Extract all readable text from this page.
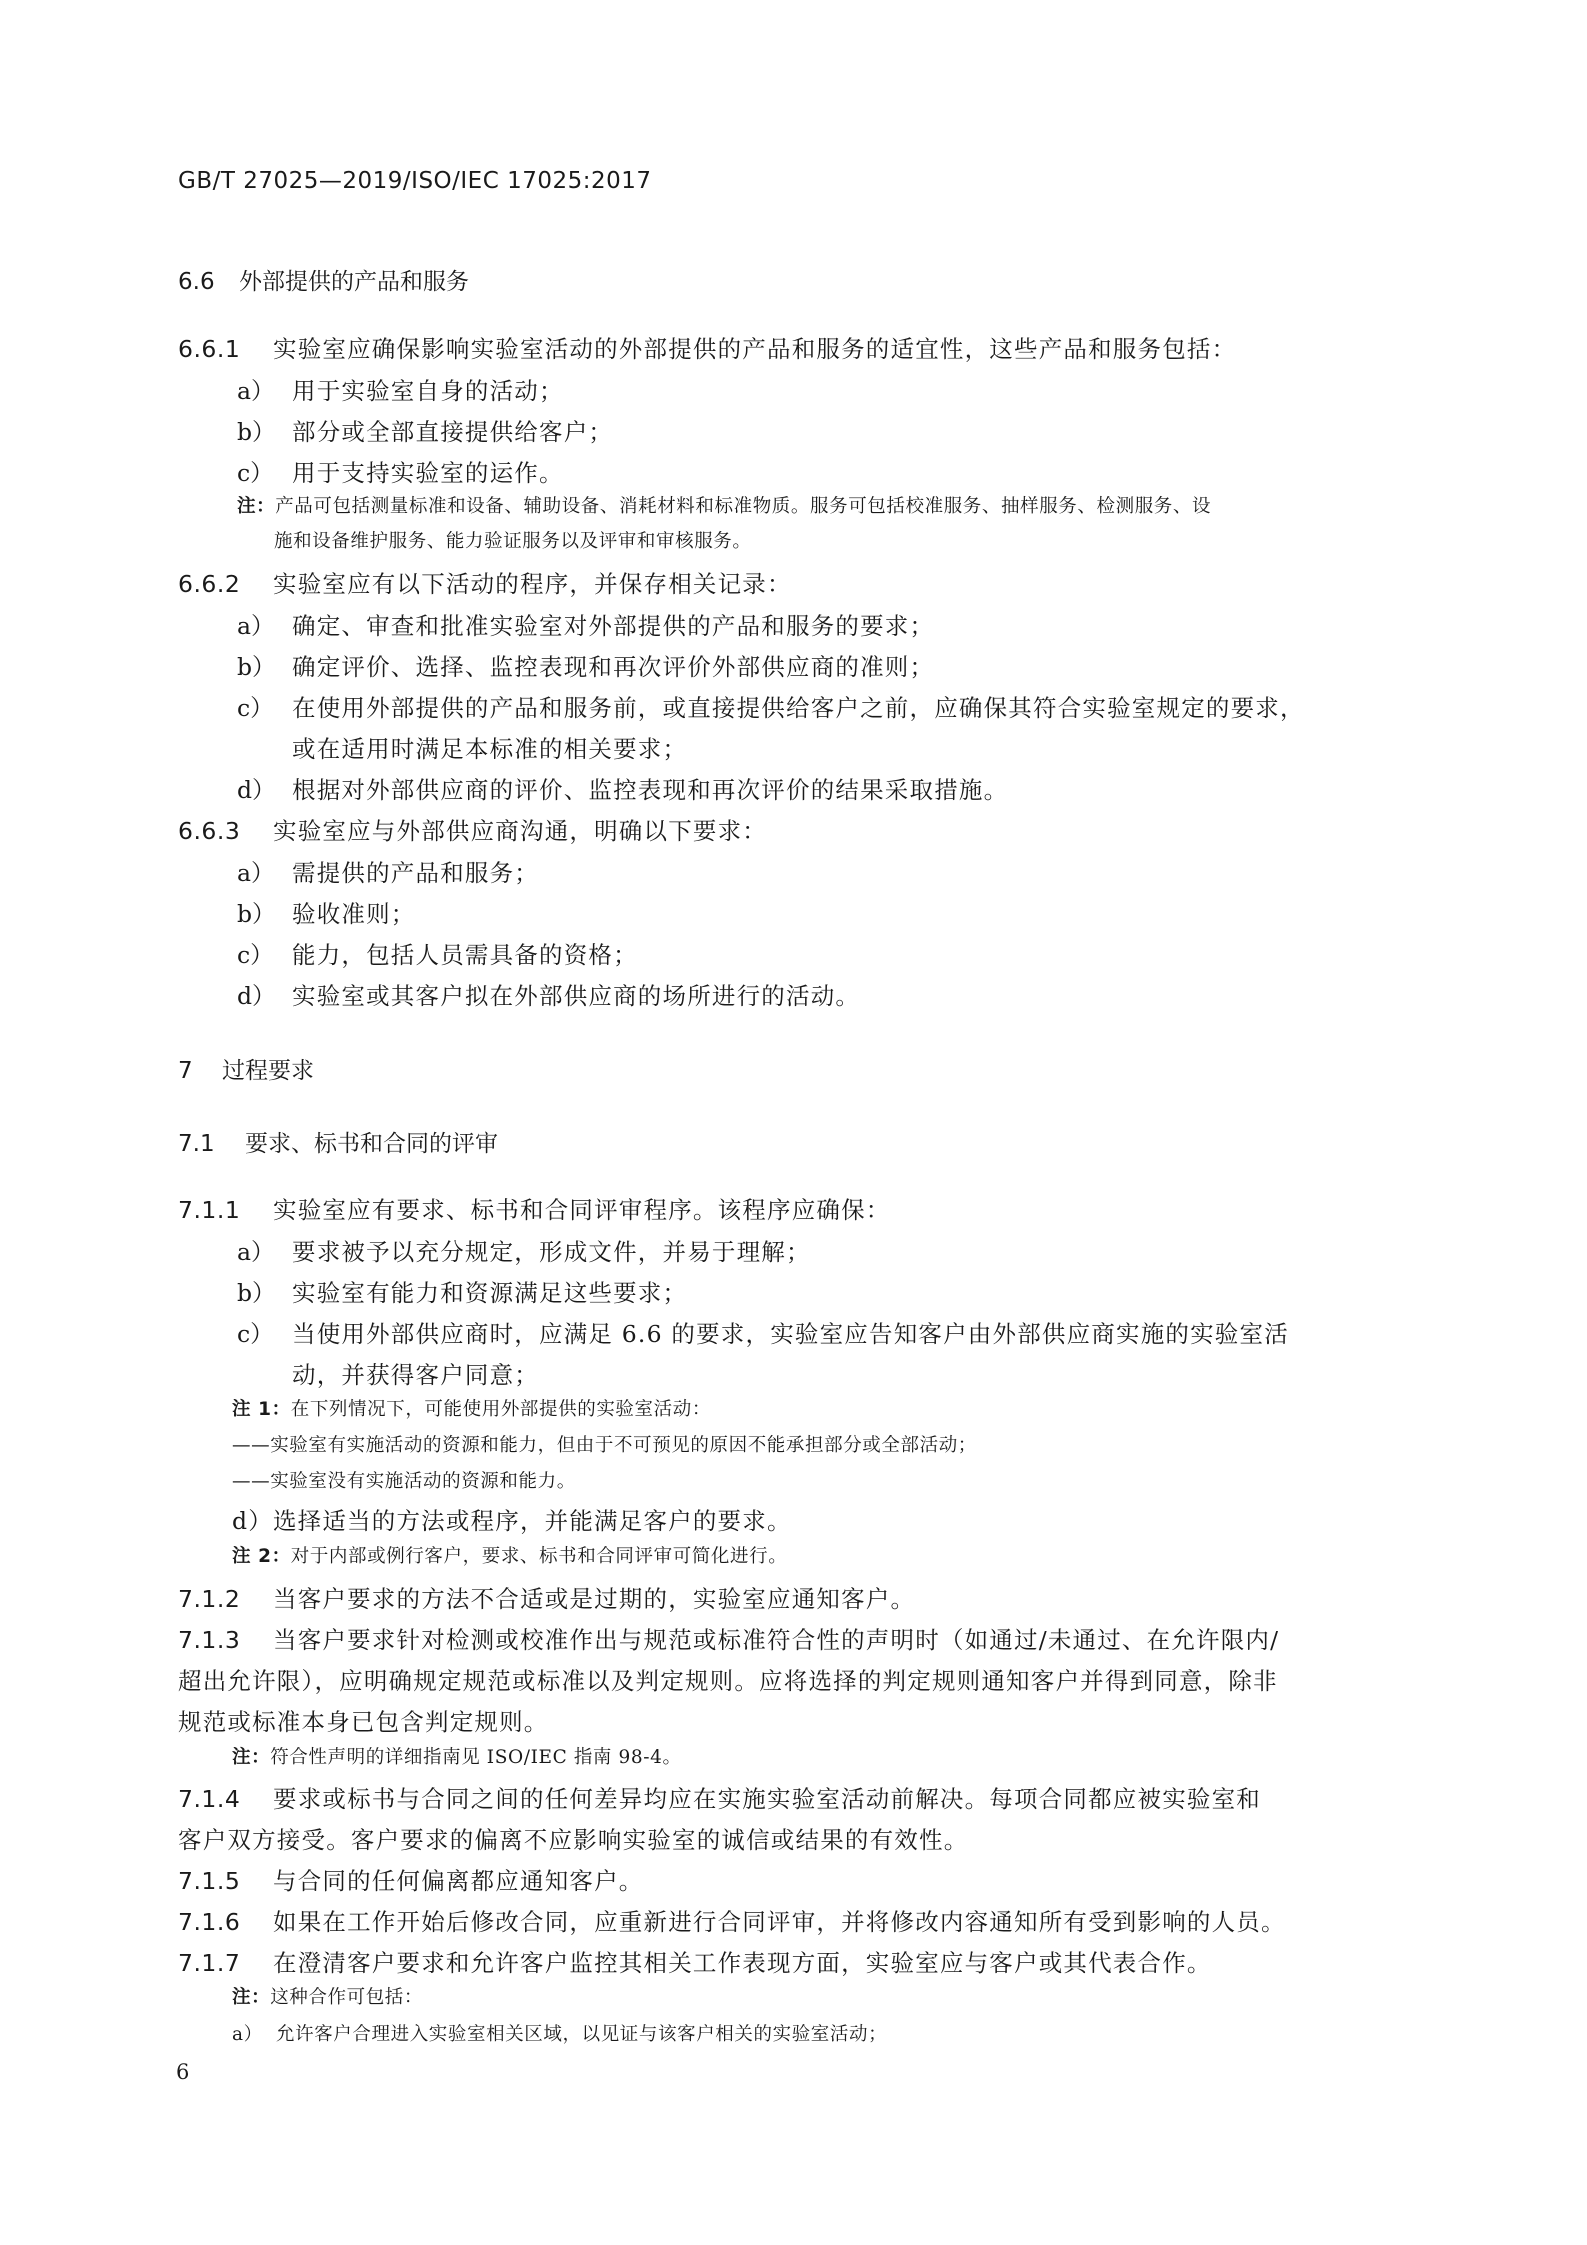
GB/T 27025—2019/ISO/IEC 17025:2017
6.6 外部提供的产品和服务
6.6.1 实验室应确保影响实验室活动的外部提供的产品和服务的适宜性，这些产品和服务包括：
a） 用于实验室自身的活动；
b） 部分或全部直接提供给客户；
c） 用于支持实验室的运作。
注：产品可包括测量标准和设备、辅助设备、消耗材料和标准物质。服务可包括校准服务、抽样服务、检测服务、设
施和设备维护服务、能力验证服务以及评审和审核服务。
6.6.2 实验室应有以下活动的程序，并保存相关记录：
a） 确定、审查和批准实验室对外部提供的产品和服务的要求；
b） 确定评价、选择、监控表现和再次评价外部供应商的准则；
c） 在使用外部提供的产品和服务前，或直接提供给客户之前，应确保其符合实验室规定的要求，
或在适用时满足本标准的相关要求；
d） 根据对外部供应商的评价、监控表现和再次评价的结果采取措施。
6.6.3 实验室应与外部供应商沟通，明确以下要求：
a） 需提供的产品和服务；
b） 验收准则；
c） 能力，包括人员需具备的资格；
d） 实验室或其客户拟在外部供应商的场所进行的活动。
7 过程要求
7.1 要求、标书和合同的评审
7.1.1 实验室应有要求、标书和合同评审程序。该程序应确保：
a） 要求被予以充分规定，形成文件，并易于理解；
b） 实验室有能力和资源满足这些要求；
c） 当使用外部供应商时，应满足 6.6 的要求，实验室应告知客户由外部供应商实施的实验室活
动，并获得客户同意；
注 1：在下列情况下，可能使用外部提供的实验室活动：
——实验室有实施活动的资源和能力，但由于不可预见的原因不能承担部分或全部活动；
——实验室没有实施活动的资源和能力。
d）选择适当的方法或程序，并能满足客户的要求。
注 2：对于内部或例行客户，要求、标书和合同评审可简化进行。
7.1.2 当客户要求的方法不合适或是过期的，实验室应通知客户。
7.1.3 当客户要求针对检测或校准作出与规范或标准符合性的声明时（如通过/未通过、在允许限内/
超出允许限），应明确规定规范或标准以及判定规则。应将选择的判定规则通知客户并得到同意，除非
规范或标准本身已包含判定规则。
注：符合性声明的详细指南见 ISO/IEC 指南 98-4。
7.1.4 要求或标书与合同之间的任何差异均应在实施实验室活动前解决。每项合同都应被实验室和
客户双方接受。客户要求的偏离不应影响实验室的诚信或结果的有效性。
7.1.5 与合同的任何偏离都应通知客户。
7.1.6 如果在工作开始后修改合同，应重新进行合同评审，并将修改内容通知所有受到影响的人员。
7.1.7 在澄清客户要求和允许客户监控其相关工作表现方面，实验室应与客户或其代表合作。
注：这种合作可包括：
a） 允许客户合理进入实验室相关区域，以见证与该客户相关的实验室活动；
6
